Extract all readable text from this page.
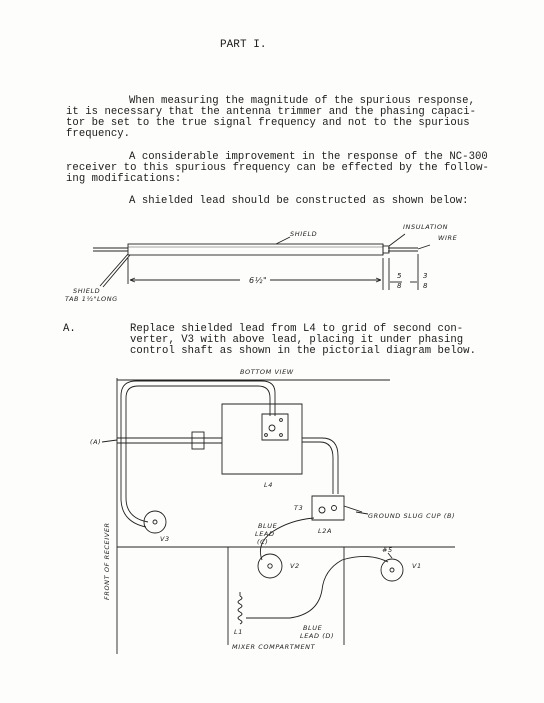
PART I.
When measuring the magnitude of the spurious response,
it is necessary that the antenna trimmer and the phasing capaci-
tor be set to the true signal frequency and not to the spurious
frequency.
A considerable improvement in the response of the NC-300
receiver to this spurious frequency can be effected by the follow-
ing modifications:
A shielded lead should be constructed as shown below:
A.	Replace shielded lead from L4 to grid of second con-
verter, V3 with above lead, placing it under phasing
control shaft as shown in the pictorial diagram below.
SHIELD
INSULATION
WIRE
6½"	5
8
3
8
SHIELD
TAB 1½"LONG
BOTTOM VIEW
(A)
L4
T3
L2A
GROUND SLUG CUP (B)
BLUE
LEAD
(C)
V3
V2	V1
#5
L1	BLUE
LEAD (D)
MIXER COMPARTMENT
FRONT OF RECEIVER
